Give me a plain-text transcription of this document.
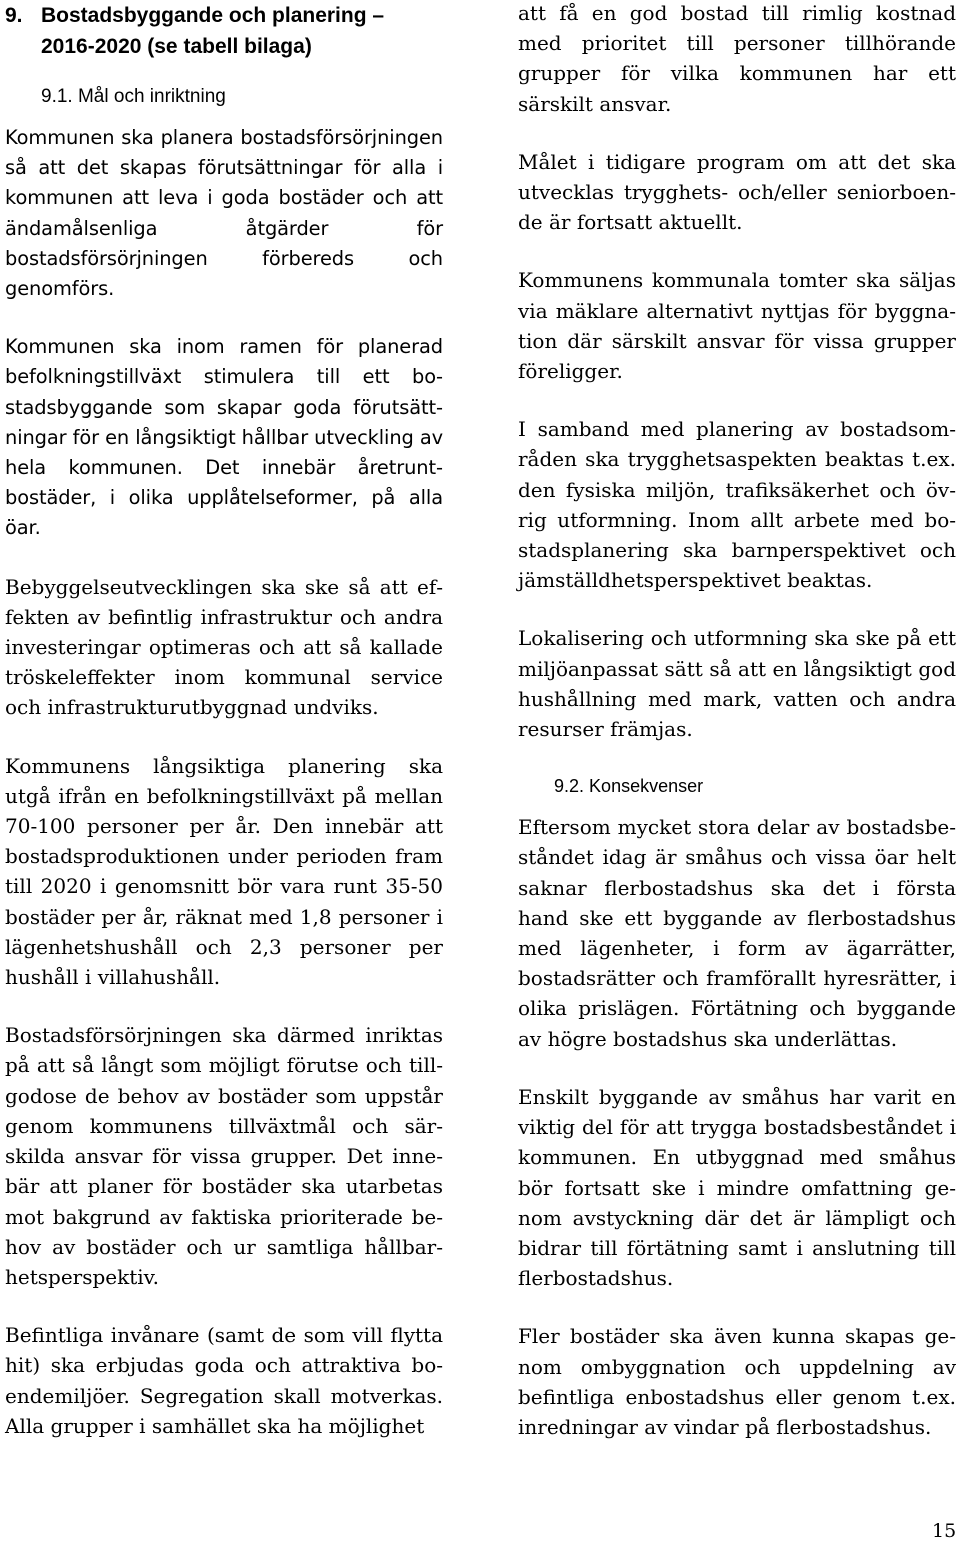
9. Bostadsbyggande och planering –
2016-2020 (se tabell bilaga)
9.1. Mål och inriktning

Kommunen ska planera bostadsförsörjningen så att det skapas förutsättningar för alla i kommunen att leva i goda bostäder och att ändamålsenliga åtgärder för bostadsförsörjningen förbereds och genomförs.

Kommunen ska inom ramen för planerad befolkningstillväxt stimulera till ett bostadsbyggande som skapar goda förutsättningar för en långsiktigt hållbar utveckling av hela kommunen. Det innebär åretruntbostäder, i olika upplåtelseformer, på alla öar.

Bebyggelseutvecklingen ska ske så att effekten av befintlig infrastruktur och andra investeringar optimeras och att så kallade tröskeleffekter inom kommunal service och infrastrukturutbyggnad undviks.

Kommunens långsiktiga planering ska utgå ifrån en befolkningstillväxt på mellan 70-100 personer per år. Den innebär att bostadsproduktionen under perioden fram till 2020 i genomsnitt bör vara runt 35-50 bostäder per år, räknat med 1,8 personer i lägenhetshushåll och 2,3 personer per hushåll i villahushåll.

Bostadsförsörjningen ska därmed inriktas på att så långt som möjligt förutse och tillgodose de behov av bostäder som uppstår genom kommunens tillväxtmål och särskilda ansvar för vissa grupper. Det innebär att planer för bostäder ska utarbetas mot bakgrund av faktiska prioriterade behov av bostäder och ur samtliga hållbarhetsperspektiv.

Befintliga invånare (samt de som vill flytta hit) ska erbjudas goda och attraktiva boendemiljöer. Segregation skall motverkas. Alla grupper i samhället ska ha möjlighet

att få en god bostad till rimlig kostnad med prioritet till personer tillhörande grupper för vilka kommunen har ett särskilt ansvar.

Målet i tidigare program om att det ska utvecklas trygghets- och/eller seniorboende är fortsatt aktuellt.

Kommunens kommunala tomter ska säljas via mäklare alternativt nyttjas för byggnation där särskilt ansvar för vissa grupper föreligger.

I samband med planering av bostadsområden ska trygghetsaspekten beaktas t.ex. den fysiska miljön, trafiksäkerhet och övrig utformning. Inom allt arbete med bostadsplanering ska barnperspektivet och jämställdhetsperspektivet beaktas.

Lokalisering och utformning ska ske på ett miljöanpassat sätt så att en långsiktigt god hushållning med mark, vatten och andra resurser främjas.

9.2. Konsekvenser

Eftersom mycket stora delar av bostadsbeståndet idag är småhus och vissa öar helt saknar flerbostadshus ska det i första hand ske ett byggande av flerbostadshus med lägenheter, i form av ägarrätter, bostadsrätter och framförallt hyresrätter, i olika prislägen. Förtätning och byggande av högre bostadshus ska underlättas.

Enskilt byggande av småhus har varit en viktig del för att trygga bostadsbeståndet i kommunen. En utbyggnad med småhus bör fortsatt ske i mindre omfattning genom avstyckning där det är lämpligt och bidrar till förtätning samt i anslutning till flerbostadshus.

Fler bostäder ska även kunna skapas genom ombyggnation och uppdelning av befintliga enbostadshus eller genom t.ex. inredningar av vindar på flerbostadshus.

15
